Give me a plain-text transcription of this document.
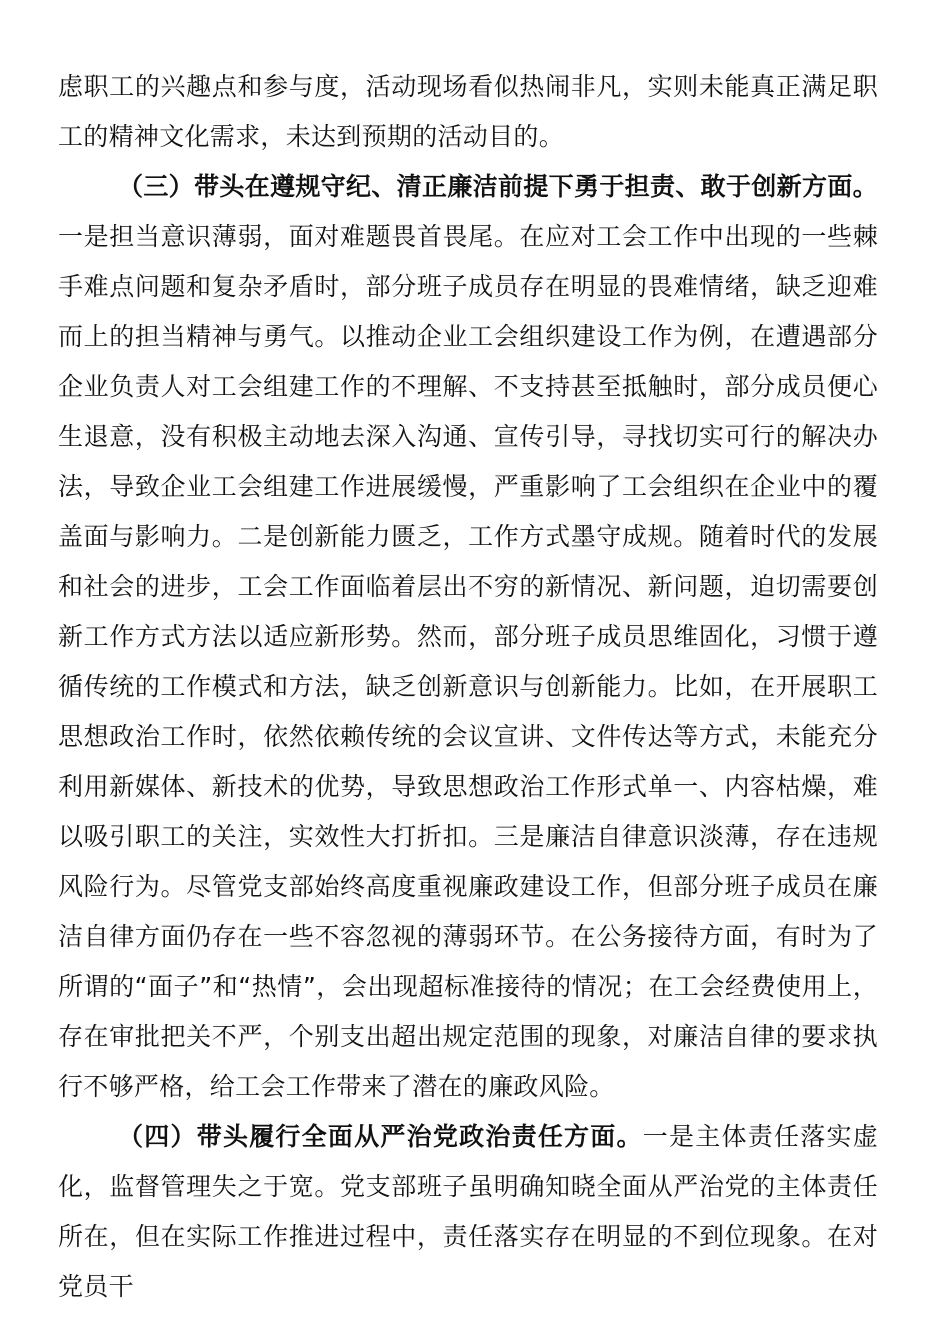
虑职工的兴趣点和参与度，活动现场看似热闹非凡，实则未能真正满足职工的精神文化需求，未达到预期的活动目的。

（三）带头在遵规守纪、清正廉洁前提下勇于担责、敢于创新方面。一是担当意识薄弱，面对难题畏首畏尾。在应对工会工作中出现的一些棘手难点问题和复杂矛盾时，部分班子成员存在明显的畏难情绪，缺乏迎难而上的担当精神与勇气。以推动企业工会组织建设工作为例，在遭遇部分企业负责人对工会组建工作的不理解、不支持甚至抵触时，部分成员便心生退意，没有积极主动地去深入沟通、宣传引导，寻找切实可行的解决办法，导致企业工会组建工作进展缓慢，严重影响了工会组织在企业中的覆盖面与影响力。二是创新能力匮乏，工作方式墨守成规。随着时代的发展和社会的进步，工会工作面临着层出不穷的新情况、新问题，迫切需要创新工作方式方法以适应新形势。然而，部分班子成员思维固化，习惯于遵循传统的工作模式和方法，缺乏创新意识与创新能力。比如，在开展职工思想政治工作时，依然依赖传统的会议宣讲、文件传达等方式，未能充分利用新媒体、新技术的优势，导致思想政治工作形式单一、内容枯燥，难以吸引职工的关注，实效性大打折扣。三是廉洁自律意识淡薄，存在违规风险行为。尽管党支部始终高度重视廉政建设工作，但部分班子成员在廉洁自律方面仍存在一些不容忽视的薄弱环节。在公务接待方面，有时为了所谓的“面子”和“热情”，会出现超标准接待的情况；在工会经费使用上，存在审批把关不严，个别支出超出规定范围的现象，对廉洁自律的要求执行不够严格，给工会工作带来了潜在的廉政风险。

（四）带头履行全面从严治党政治责任方面。一是主体责任落实虚化，监督管理失之于宽。党支部班子虽明确知晓全面从严治党的主体责任所在，但在实际工作推进过程中，责任落实存在明显的不到位现象。在对党员干
